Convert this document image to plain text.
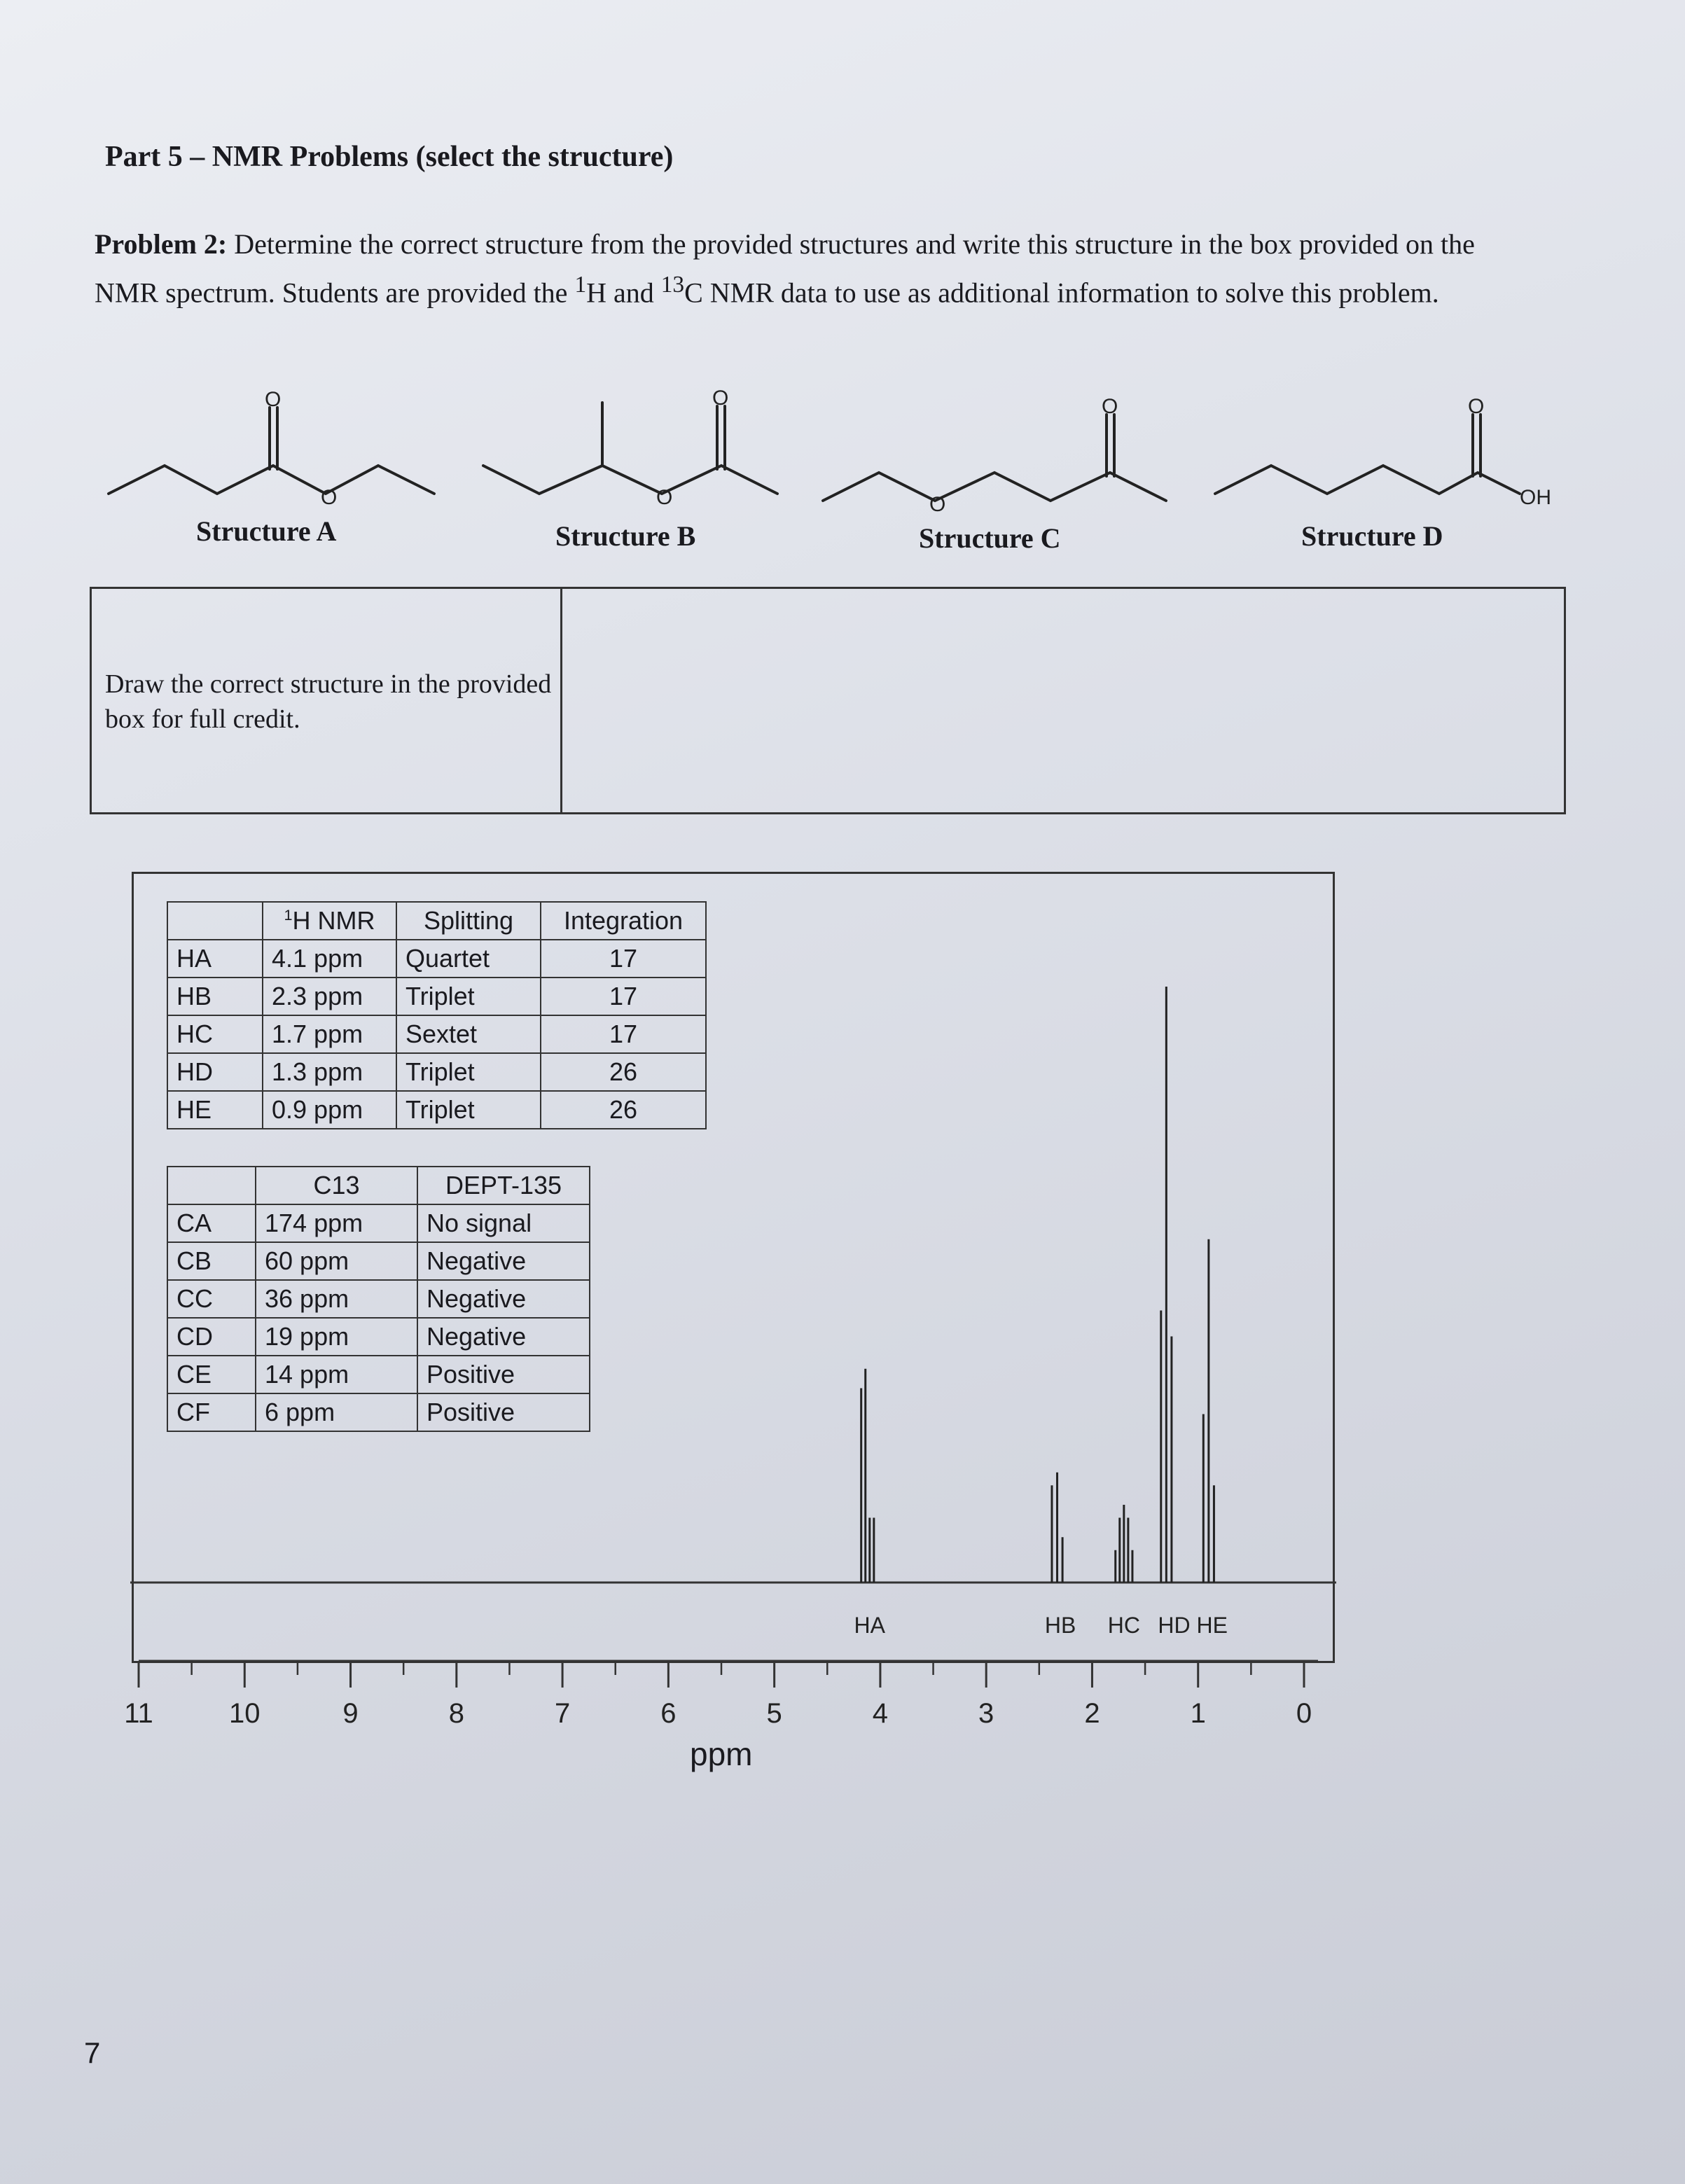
Part 5 – NMR Problems (select the structure)
Problem 2: Determine the correct structure from the provided structures and write this structure in the box provided on the NMR spectrum. Students are provided the $^1$H and $^{13}$C NMR data to use as additional information to solve this problem.
O
O
O
O
O
O
O
OH
Structure A	Structure B	Structure C	Structure D
Draw the correct structure in the provided box for full credit.
	$^1$H NMR	Splitting	Integration
HA	4.1 ppm	Quartet	17
HB	2.3 ppm	Triplet	17
HC	1.7 ppm	Sextet	17
HD	1.3 ppm	Triplet	26
HE	0.9 ppm	Triplet	26
	C13	DEPT-135
CA	174 ppm	No signal
CB	60 ppm	Negative
CC	36 ppm	Negative
CD	19 ppm	Negative
CE	14 ppm	Positive
CF	6 ppm	Positive
11	10	9	8	7	6	5	4	3	2	1	0
HA	HB HC HD HE
ppm
7
